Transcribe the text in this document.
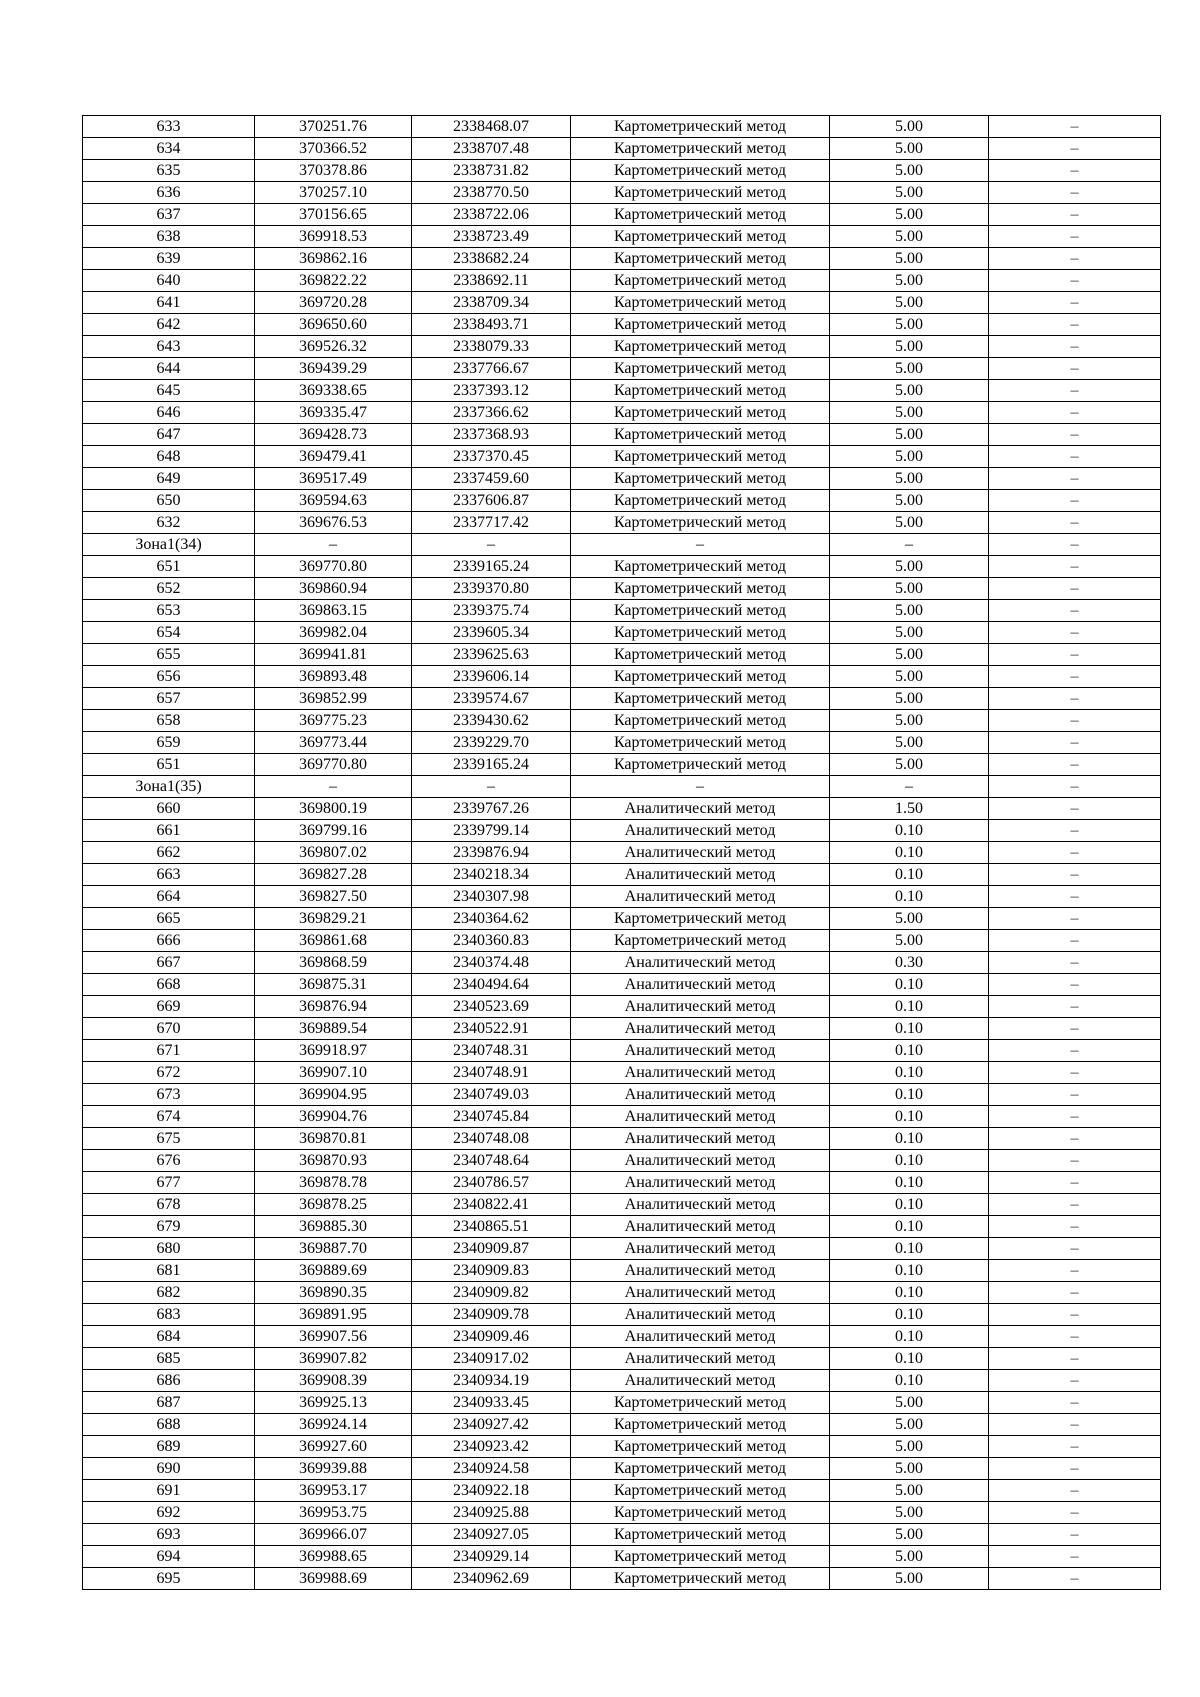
633	370251.76	2338468.07	Картометрический метод	5.00	–
634	370366.52	2338707.48	Картометрический метод	5.00	–
635	370378.86	2338731.82	Картометрический метод	5.00	–
636	370257.10	2338770.50	Картометрический метод	5.00	–
637	370156.65	2338722.06	Картометрический метод	5.00	–
638	369918.53	2338723.49	Картометрический метод	5.00	–
639	369862.16	2338682.24	Картометрический метод	5.00	–
640	369822.22	2338692.11	Картометрический метод	5.00	–
641	369720.28	2338709.34	Картометрический метод	5.00	–
642	369650.60	2338493.71	Картометрический метод	5.00	–
643	369526.32	2338079.33	Картометрический метод	5.00	–
644	369439.29	2337766.67	Картометрический метод	5.00	–
645	369338.65	2337393.12	Картометрический метод	5.00	–
646	369335.47	2337366.62	Картометрический метод	5.00	–
647	369428.73	2337368.93	Картометрический метод	5.00	–
648	369479.41	2337370.45	Картометрический метод	5.00	–
649	369517.49	2337459.60	Картометрический метод	5.00	–
650	369594.63	2337606.87	Картометрический метод	5.00	–
632	369676.53	2337717.42	Картометрический метод	5.00	–
Зона1(34)	–	–	–	–	–
651	369770.80	2339165.24	Картометрический метод	5.00	–
652	369860.94	2339370.80	Картометрический метод	5.00	–
653	369863.15	2339375.74	Картометрический метод	5.00	–
654	369982.04	2339605.34	Картометрический метод	5.00	–
655	369941.81	2339625.63	Картометрический метод	5.00	–
656	369893.48	2339606.14	Картометрический метод	5.00	–
657	369852.99	2339574.67	Картометрический метод	5.00	–
658	369775.23	2339430.62	Картометрический метод	5.00	–
659	369773.44	2339229.70	Картометрический метод	5.00	–
651	369770.80	2339165.24	Картометрический метод	5.00	–
Зона1(35)	–	–	–	–	–
660	369800.19	2339767.26	Аналитический метод	1.50	–
661	369799.16	2339799.14	Аналитический метод	0.10	–
662	369807.02	2339876.94	Аналитический метод	0.10	–
663	369827.28	2340218.34	Аналитический метод	0.10	–
664	369827.50	2340307.98	Аналитический метод	0.10	–
665	369829.21	2340364.62	Картометрический метод	5.00	–
666	369861.68	2340360.83	Картометрический метод	5.00	–
667	369868.59	2340374.48	Аналитический метод	0.30	–
668	369875.31	2340494.64	Аналитический метод	0.10	–
669	369876.94	2340523.69	Аналитический метод	0.10	–
670	369889.54	2340522.91	Аналитический метод	0.10	–
671	369918.97	2340748.31	Аналитический метод	0.10	–
672	369907.10	2340748.91	Аналитический метод	0.10	–
673	369904.95	2340749.03	Аналитический метод	0.10	–
674	369904.76	2340745.84	Аналитический метод	0.10	–
675	369870.81	2340748.08	Аналитический метод	0.10	–
676	369870.93	2340748.64	Аналитический метод	0.10	–
677	369878.78	2340786.57	Аналитический метод	0.10	–
678	369878.25	2340822.41	Аналитический метод	0.10	–
679	369885.30	2340865.51	Аналитический метод	0.10	–
680	369887.70	2340909.87	Аналитический метод	0.10	–
681	369889.69	2340909.83	Аналитический метод	0.10	–
682	369890.35	2340909.82	Аналитический метод	0.10	–
683	369891.95	2340909.78	Аналитический метод	0.10	–
684	369907.56	2340909.46	Аналитический метод	0.10	–
685	369907.82	2340917.02	Аналитический метод	0.10	–
686	369908.39	2340934.19	Аналитический метод	0.10	–
687	369925.13	2340933.45	Картометрический метод	5.00	–
688	369924.14	2340927.42	Картометрический метод	5.00	–
689	369927.60	2340923.42	Картометрический метод	5.00	–
690	369939.88	2340924.58	Картометрический метод	5.00	–
691	369953.17	2340922.18	Картометрический метод	5.00	–
692	369953.75	2340925.88	Картометрический метод	5.00	–
693	369966.07	2340927.05	Картометрический метод	5.00	–
694	369988.65	2340929.14	Картометрический метод	5.00	–
695	369988.69	2340962.69	Картометрический метод	5.00	–
